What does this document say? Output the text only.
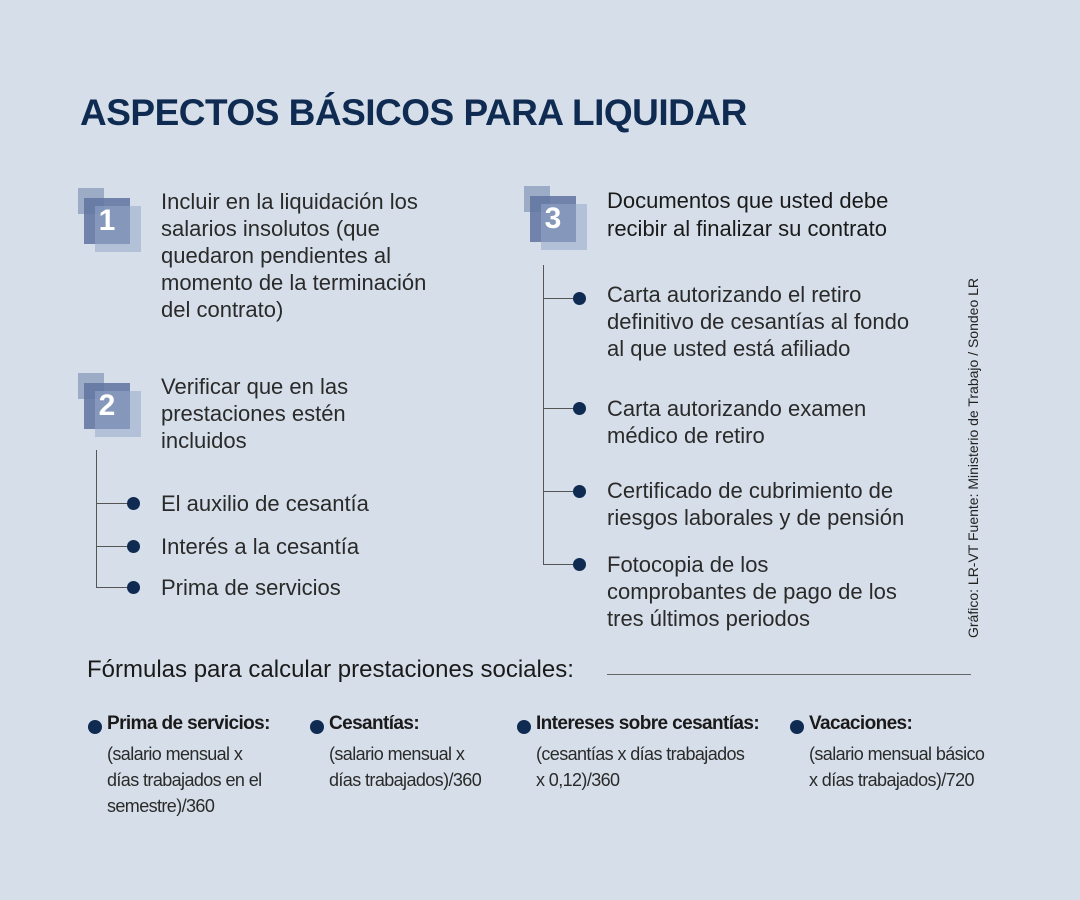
ASPECTOS BÁSICOS PARA LIQUIDAR
1
Incluir en la liquidación los salarios insolutos (que quedaron pendientes al momento de la terminación del contrato)
2
Verificar que en las prestaciones estén incluidos
El auxilio de cesantía
Interés a la cesantía
Prima de servicios
3
Documentos que usted debe recibir al finalizar su contrato
Carta autorizando el retiro definitivo de cesantías al fondo al que usted está afiliado
Carta autorizando examen médico de retiro
Certificado de cubrimiento de riesgos laborales y de pensión
Fotocopia de los comprobantes de pago de los tres últimos periodos	Gráfico: LR-VT Fuente: Ministerio de Trabajo / Sondeo LR
Fórmulas para calcular prestaciones sociales:
Prima de servicios:
(salario mensual x días trabajados en el semestre)/360
Cesantías:
(salario mensual x días trabajados)/360
Intereses sobre cesantías:
(cesantías x días trabajados x 0,12)/360
Vacaciones:
(salario mensual básico x días trabajados)/720
